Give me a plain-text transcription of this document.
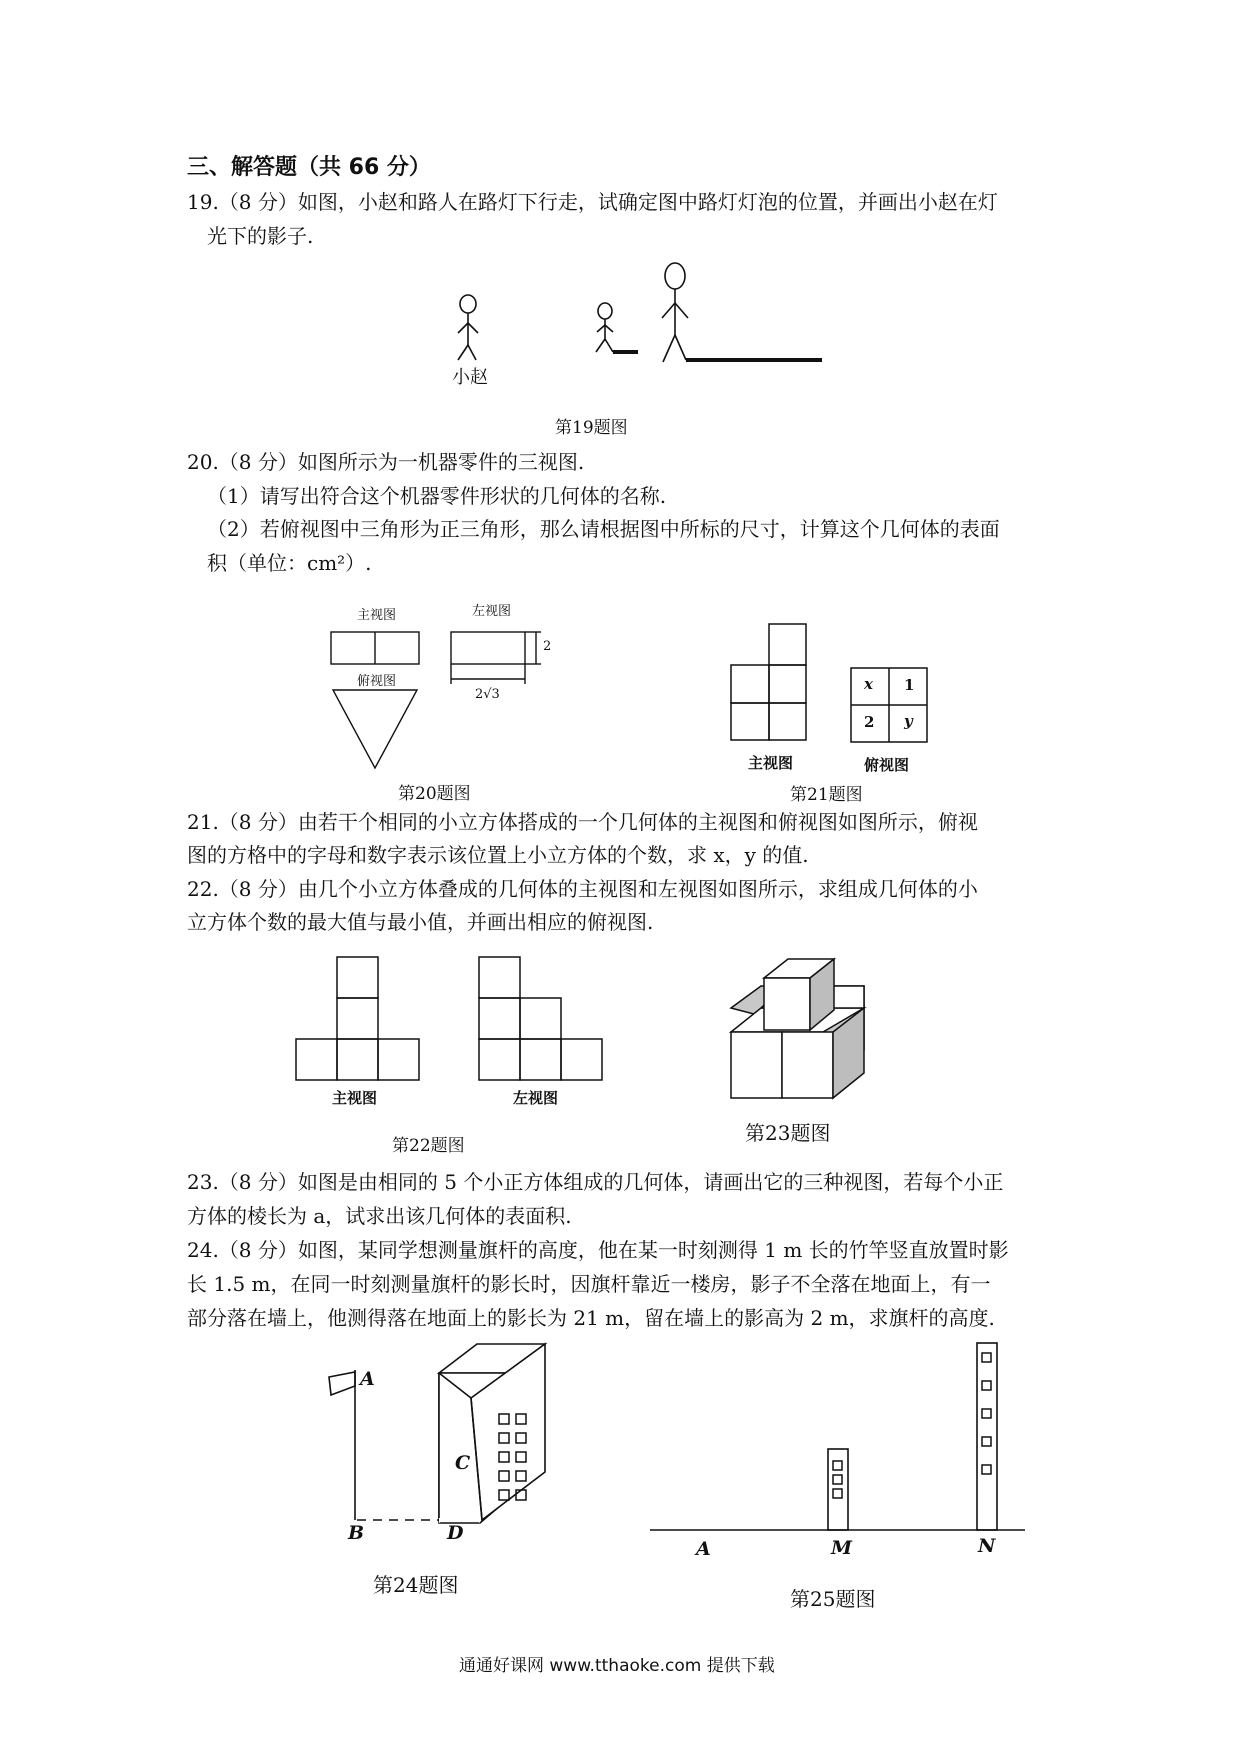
三、解答题（共 66 分）
19.（8 分）如图，小赵和路人在路灯下行走，试确定图中路灯灯泡的位置，并画出小赵在灯
光下的影子.
小赵
第19题图
20.（8 分）如图所示为一机器零件的三视图.
（1）请写出符合这个机器零件形状的几何体的名称.
（2）若俯视图中三角形为正三角形，那么请根据图中所标的尺寸，计算这个几何体的表面
积（单位：cm²）.
主视图	左视图
俯视图
2
2√3
第20题图
x 1
2 y
主视图	俯视图
第21题图
21.（8 分）由若干个相同的小立方体搭成的一个几何体的主视图和俯视图如图所示，俯视
图的方格中的字母和数字表示该位置上小立方体的个数，求 x，y 的值.
22.（8 分）由几个小立方体叠成的几何体的主视图和左视图如图所示，求组成几何体的小
立方体个数的最大值与最小值，并画出相应的俯视图.
主视图	左视图
第22题图
第23题图
23.（8 分）如图是由相同的 5 个小正方体组成的几何体，请画出它的三种视图，若每个小正
方体的棱长为 a，试求出该几何体的表面积.
24.（8 分）如图，某同学想测量旗杆的高度，他在某一时刻测得 1 m 长的竹竿竖直放置时影
长 1.5 m，在同一时刻测量旗杆的影长时，因旗杆靠近一楼房，影子不全落在地面上，有一
部分落在墙上，他测得落在地面上的影长为 21 m，留在墙上的影高为 2 m，求旗杆的高度.
A
B
C
D
第24题图
A	M	N
第25题图
通通好课网 www.tthaoke.com 提供下载
